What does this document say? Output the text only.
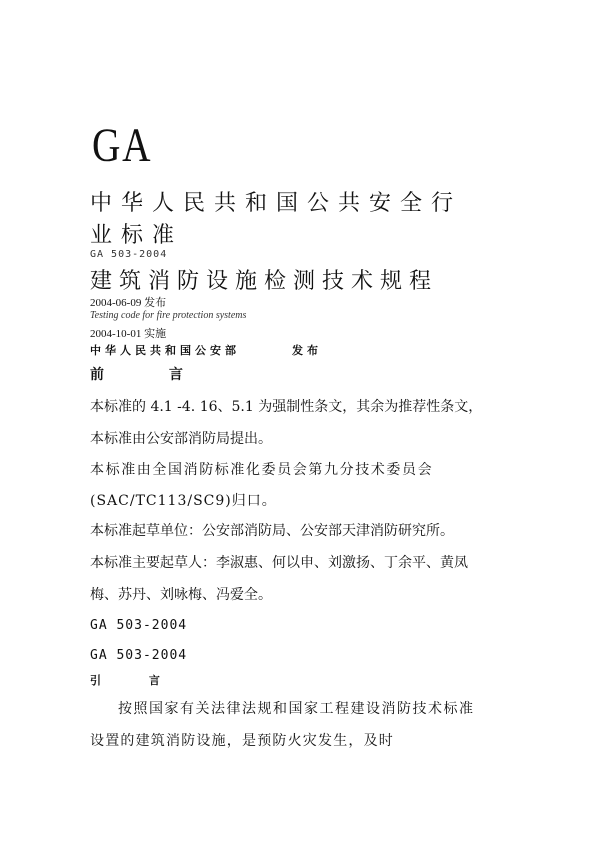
GA
中华人民共和国公共安全行
业标准
GA 503-2004
建筑消防设施检测技术规程
2004-06-09 发布
Testing code for fire protection systems
2004-10-01 实施
中华人民共和国公安部	发布
前 言
本标准的 4.1 -4. 16、5.1 为强制性条文，其余为推荐性条文，
本标准由公安部消防局提出。
本标准由全国消防标准化委员会第九分技术委员会
(SAC/TC113/SC9)归口。
本标准起草单位：公安部消防局、公安部天津消防研究所。
本标准主要起草人：李淑惠、何以申、刘激扬、丁余平、黄凤
梅、苏丹、刘咏梅、冯爱全。
GA 503-2004
GA 503-2004
引 言
按照国家有关法律法规和国家工程建设消防技术标准
设置的建筑消防设施，是预防火灾发生，及时
